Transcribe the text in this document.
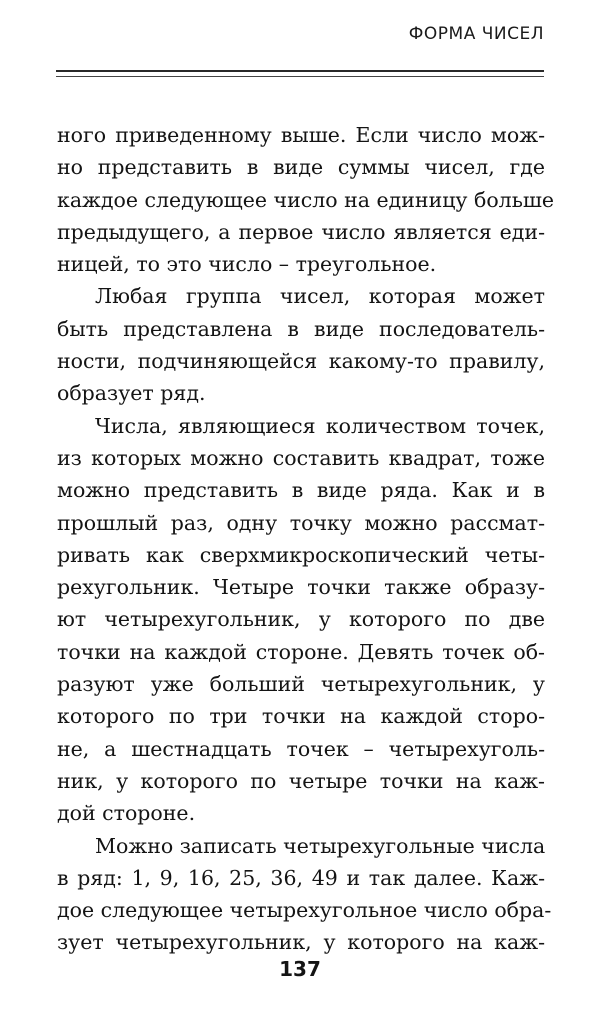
ФОРМА ЧИСЕЛ
ного приведенному выше. Если число мож-
но представить в виде суммы чисел, где
каждое следующее число на единицу больше
предыдущего, а первое число является еди-
ницей, то это число – треугольное.
Любая группа чисел, которая может
быть представлена в виде последователь-
ности, подчиняющейся какому-то правилу,
образует ряд.
Числа, являющиеся количеством точек,
из которых можно составить квадрат, тоже
можно представить в виде ряда. Как и в
прошлый раз, одну точку можно рассмат-
ривать как сверхмикроскопический четы-
рехугольник. Четыре точки также образу-
ют четырехугольник, у которого по две
точки на каждой стороне. Девять точек об-
разуют уже больший четырехугольник, у
которого по три точки на каждой сторо-
не, а шестнадцать точек – четырехуголь-
ник, у которого по четыре точки на каж-
дой стороне.
Можно записать четырехугольные числа
в ряд: 1, 9, 16, 25, 36, 49 и так далее. Каж-
дое следующее четырехугольное число обра-
зует четырехугольник, у которого на каж-
137
